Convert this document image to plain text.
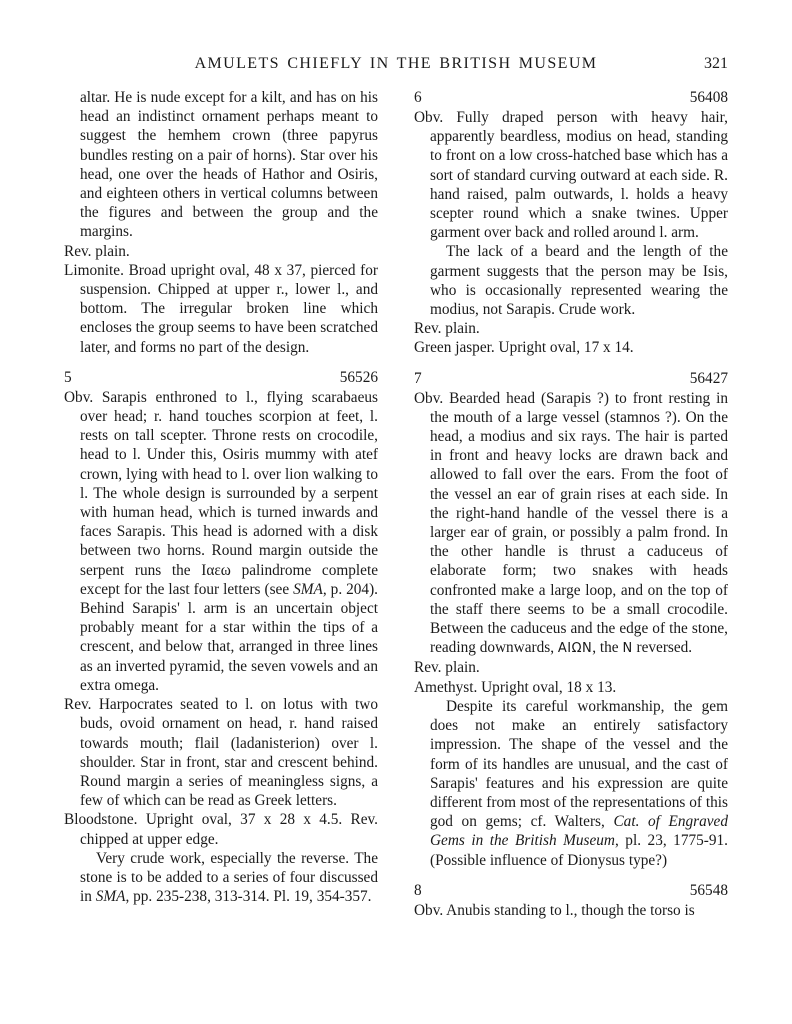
AMULETS CHIEFLY IN THE BRITISH MUSEUM	321

altar. He is nude except for a kilt, and has on his head an indistinct ornament perhaps meant to suggest the hemhem crown (three papyrus bundles resting on a pair of horns). Star over his head, one over the heads of Hathor and Osiris, and eighteen others in vertical columns between the figures and between the group and the margins.

Rev. plain.

Limonite. Broad upright oval, 48 x 37, pierced for suspension. Chipped at upper r., lower l., and bottom. The irregular broken line which encloses the group seems to have been scratched later, and forms no part of the design.

5	56526

Obv. Sarapis enthroned to l., flying scarabaeus over head; r. hand touches scorpion at feet, l. rests on tall scepter. Throne rests on crocodile, head to l. Under this, Osiris mummy with atef crown, lying with head to l. over lion walking to l. The whole design is surrounded by a serpent with human head, which is turned inwards and faces Sarapis. This head is adorned with a disk between two horns. Round margin outside the serpent runs the Ιαεω palindrome complete except for the last four letters (see SMA, p. 204). Behind Sarapis' l. arm is an uncertain object probably meant for a star within the tips of a crescent, and below that, arranged in three lines as an inverted pyramid, the seven vowels and an extra omega.

Rev. Harpocrates seated to l. on lotus with two buds, ovoid ornament on head, r. hand raised towards mouth; flail (ladanisterion) over l. shoulder. Star in front, star and crescent behind. Round margin a series of meaningless signs, a few of which can be read as Greek letters.

Bloodstone. Upright oval, 37 x 28 x 4.5. Rev. chipped at upper edge.

Very crude work, especially the reverse. The stone is to be added to a series of four discussed in SMA, pp. 235-238, 313-314. Pl. 19, 354-357.

6	56408

Obv. Fully draped person with heavy hair, apparently beardless, modius on head, standing to front on a low cross-hatched base which has a sort of standard curving outward at each side. R. hand raised, palm outwards, l. holds a heavy scepter round which a snake twines. Upper garment over back and rolled around l. arm.

The lack of a beard and the length of the garment suggests that the person may be Isis, who is occasionally represented wearing the modius, not Sarapis. Crude work.

Rev. plain.

Green jasper. Upright oval, 17 x 14.

7	56427

Obv. Bearded head (Sarapis ?) to front resting in the mouth of a large vessel (stamnos ?). On the head, a modius and six rays. The hair is parted in front and heavy locks are drawn back and allowed to fall over the ears. From the foot of the vessel an ear of grain rises at each side. In the right-hand handle of the vessel there is a larger ear of grain, or possibly a palm frond. In the other handle is thrust a caduceus of elaborate form; two snakes with heads confronted make a large loop, and on the top of the staff there seems to be a small crocodile. Between the caduceus and the edge of the stone, reading downwards, ΑΙΩΝ, the Ν reversed.

Rev. plain.

Amethyst. Upright oval, 18 x 13.

Despite its careful workmanship, the gem does not make an entirely satisfactory impression. The shape of the vessel and the form of its handles are unusual, and the cast of Sarapis' features and his expression are quite different from most of the representations of this god on gems; cf. Walters, Cat. of Engraved Gems in the British Museum, pl. 23, 1775-91. (Possible influence of Dionysus type?)

8	56548

Obv. Anubis standing to l., though the torso is
